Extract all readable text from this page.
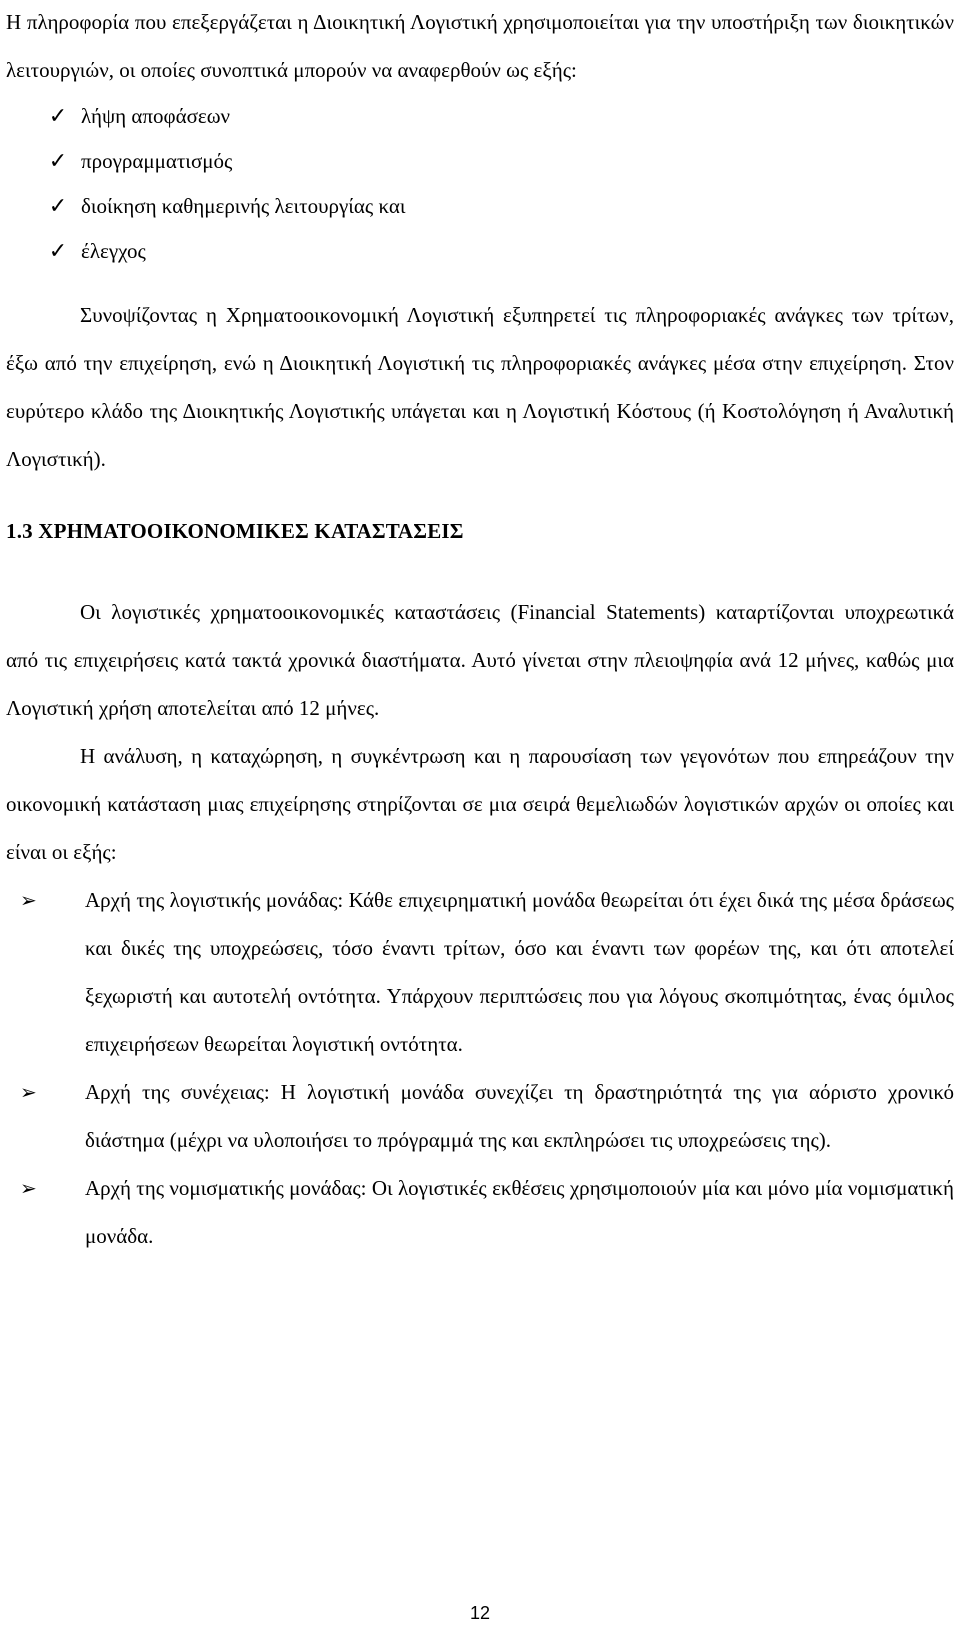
Η πληροφορία που επεξεργάζεται η Διοικητική Λογιστική χρησιμοποιείται για την υποστήριξη των διοικητικών λειτουργιών, οι οποίες συνοπτικά μπορούν να αναφερθούν ως εξής:

✓ λήψη αποφάσεων
✓ προγραμματισμός
✓ διοίκηση καθημερινής λειτουργίας και
✓ έλεγχος

Συνοψίζοντας η Χρηματοοικονομική Λογιστική εξυπηρετεί τις πληροφοριακές ανάγκες των τρίτων, έξω από την επιχείρηση, ενώ η Διοικητική Λογιστική τις πληροφοριακές ανάγκες μέσα στην επιχείρηση. Στον ευρύτερο κλάδο της Διοικητικής Λογιστικής υπάγεται και η Λογιστική Κόστους (ή Κοστολόγηση ή Αναλυτική Λογιστική).

1.3 ΧΡΗΜΑΤΟΟΙΚΟΝΟΜΙΚΕΣ ΚΑΤΑΣΤΑΣΕΙΣ

Οι λογιστικές χρηματοοικονομικές καταστάσεις (Financial Statements) καταρτίζονται υποχρεωτικά από τις επιχειρήσεις κατά τακτά χρονικά διαστήματα. Αυτό γίνεται στην πλειοψηφία ανά 12 μήνες, καθώς μια Λογιστική χρήση αποτελείται από 12 μήνες.

Η ανάλυση, η καταχώρηση, η συγκέντρωση και η παρουσίαση των γεγονότων που επηρεάζουν την οικονομική κατάσταση μιας επιχείρησης στηρίζονται σε μια σειρά θεμελιωδών λογιστικών αρχών οι οποίες και είναι οι εξής:

➢	Αρχή της λογιστικής μονάδας: Κάθε επιχειρηματική μονάδα θεωρείται ότι έχει δικά της μέσα δράσεως και δικές της υποχρεώσεις, τόσο έναντι τρίτων, όσο και έναντι των φορέων της, και ότι αποτελεί ξεχωριστή και αυτοτελή οντότητα. Υπάρχουν περιπτώσεις που για λόγους σκοπιμότητας, ένας όμιλος επιχειρήσεων θεωρείται λογιστική οντότητα.
➢	Αρχή της συνέχειας: Η λογιστική μονάδα συνεχίζει τη δραστηριότητά της για αόριστο χρονικό διάστημα (μέχρι να υλοποιήσει το πρόγραμμά της και εκπληρώσει τις υποχρεώσεις της).
➢	Αρχή της νομισματικής μονάδας: Οι λογιστικές εκθέσεις χρησιμοποιούν μία και μόνο μία νομισματική μονάδα.
12
